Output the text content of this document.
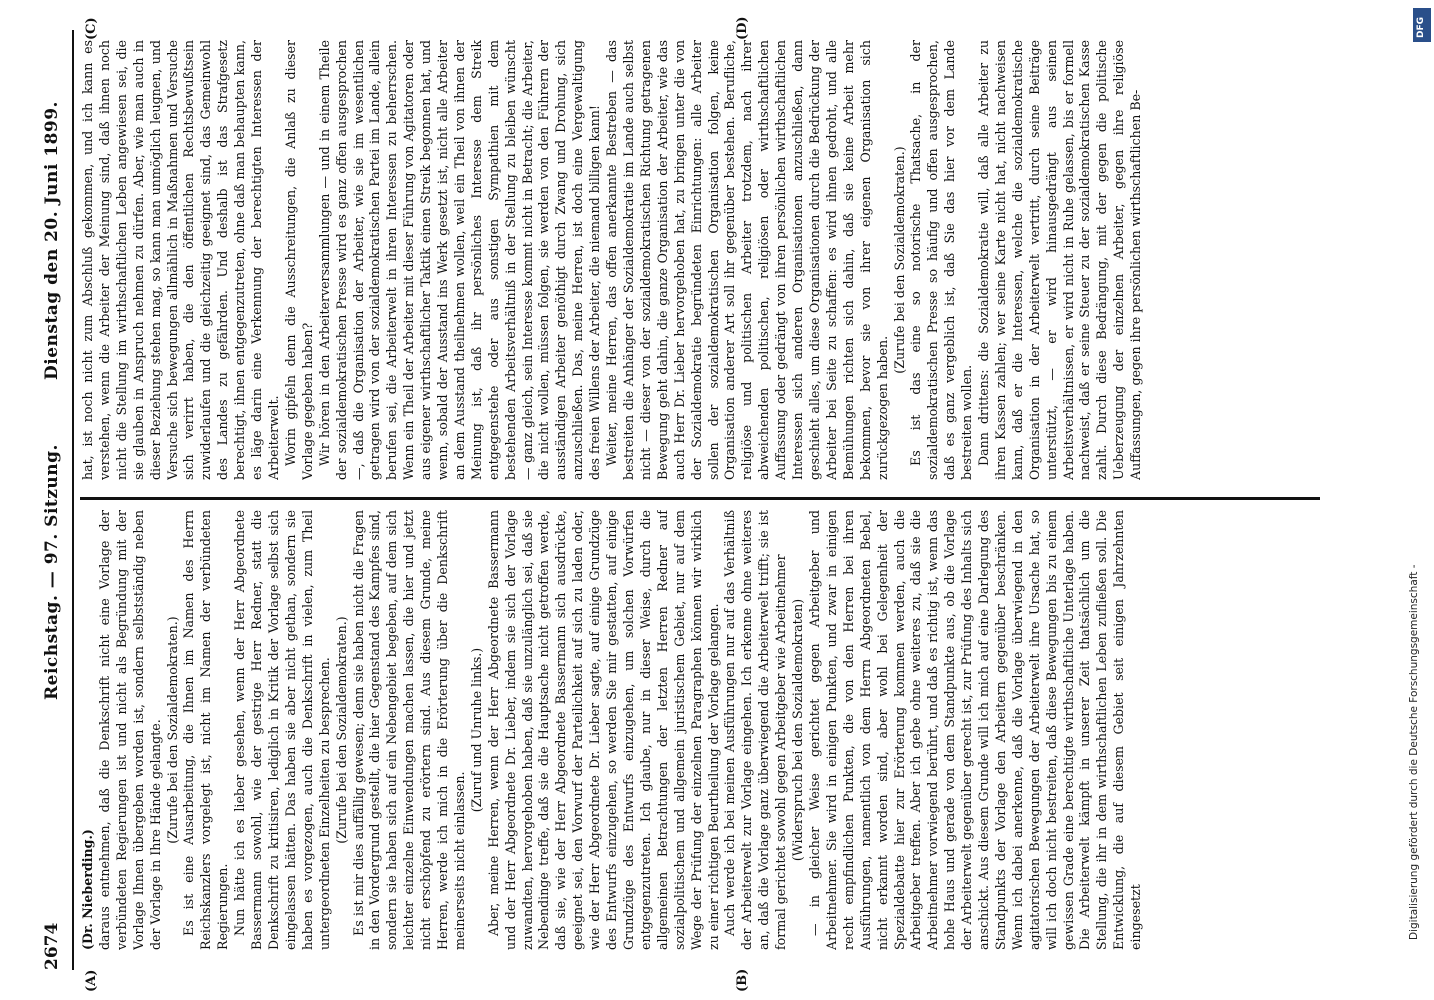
2674
Reichstag. — 97. Sitzung.
Dienstag den 20. Juni 1899.
(A)	(B)
(C)	(D)

(Dr. Nieberding.) daraus entnehmen, daß die Denkschrift nicht eine Vorlage der verbündeten Regierungen ist und nicht als Begründung mit der Vorlage Ihnen übergeben worden ist, sondern selbstständig neben der Vorlage in Ihre Hände gelangte. (Zurufe bei den Sozialdemokraten.) Es ist eine Ausarbeitung, die Ihnen im Namen des Herrn Reichskanzlers vorgelegt ist, nicht im Namen der verbündeten Regierungen. Nun hätte ich es lieber gesehen, wenn der Herr Abgeordnete Bassermann sowohl, wie der gestrige Herr Redner, statt die Denkschrift zu kritisiren, lediglich in Kritik der Vorlage selbst sich eingelassen hätten. Das haben sie aber nicht gethan, sondern sie haben es vorgezogen, auch die Denkschrift in vielen, zum Theil untergeordneten Einzelheiten zu besprechen. (Zurufe bei den Sozialdemokraten.) Es ist mir dies auffällig gewesen; denn sie haben nicht die Fragen in den Vordergrund gestellt, die hier Gegenstand des Kampfes sind, sondern sie haben sich auf ein Nebengebiet begeben, auf dem sich leichter einzelne Einwendungen machen lassen, die hier und jetzt nicht erschöpfend zu erörtern sind. Aus diesem Grunde, meine Herren, werde ich mich in die Erörterung über die Denkschrift meinerseits nicht einlassen.

(Zuruf und Unruhe links.) Aber, meine Herren, wenn der Herr Abgeordnete Bassermann und der Herr Abgeordnete Dr. Lieber, indem sie sich der Vorlage zuwandten, hervorgehoben haben, daß sie unzulänglich sei, daß sie Nebendinge treffe, daß sie die Hauptsache nicht getroffen werde, daß sie, wie der Herr Abgeordnete Bassermann sich ausdrückte, geeignet sei, den Vorwurf der Parteilichkeit auf sich zu laden oder, wie der Herr Abgeordnete Dr. Lieber sagte, auf einige Grundzüge des Entwurfs einzugehen, so werden Sie mir gestatten, auf einige Grundzüge des Entwurfs einzugehen, um solchen Vorwürfen entgegenzutreten. Ich glaube, nur in dieser Weise, durch die allgemeinen Betrachtungen der letzten Herren Redner auf sozialpolitischem und allgemein juristischem Gebiet, nur auf dem Wege der Prüfung der einzelnen Paragraphen können wir wirklich zu einer richtigen Beurtheilung der Vorlage gelangen. Auch werde ich bei meinen Ausführungen nur auf das Verhältniß der Arbeiterwelt zur Vorlage eingehen. Ich erkenne ohne weiteres an, daß die Vorlage ganz überwiegend die Arbeiterwelt trifft; sie ist formal gerichtet sowohl gegen Arbeitgeber wie Arbeitnehmer (Widerspruch bei den Sozialdemokraten) — in gleicher Weise gerichtet gegen Arbeitgeber und Arbeitnehmer. Sie wird in einigen Punkten, und zwar in einigen recht empfindlichen Punkten, die von den Herren bei ihren Ausführungen, namentlich von dem Herrn Abgeordneten Bebel, nicht erkannt worden sind, aber wohl bei Gelegenheit der Spezialdebatte hier zur Erörterung kommen werden, auch die Arbeitgeber treffen. Aber ich gebe ohne weiteres zu, daß sie die Arbeitnehmer vorwiegend berührt, und daß es richtig ist, wenn das hohe Haus und gerade von dem Standpunkte aus, ob die Vorlage der Arbeiterwelt gegenüber gerecht ist, zur Prüfung des Inhalts sich anschickt. Aus diesem Grunde will ich mich auf eine Darlegung des Standpunkts der Vorlage den Arbeitern gegenüber beschränken. Wenn ich dabei anerkenne, daß die Vorlage überwiegend in den agitatorischen Bewegungen der Arbeiterwelt ihre Ursache hat, so will ich doch nicht bestreiten, daß diese Bewegungen bis zu einem gewissen Grade eine berechtigte wirthschaftliche Unterlage haben. Die Arbeiterwelt kämpft in unserer Zeit thatsächlich um die Stellung, die ihr in dem wirthschaftlichen Leben zufließen soll. Die Entwicklung, die auf diesem Gebiet seit einigen Jahrzehnten eingesetzt

hat, ist noch nicht zum Abschluß gekommen, und ich kann es verstehen, wenn die Arbeiter der Meinung sind, daß ihnen noch nicht die Stellung im wirthschaftlichen Leben angewiesen sei, die sie glauben in Anspruch nehmen zu dürfen. Aber, wie man auch in dieser Beziehung stehen mag, so kann man unmöglich leugnen, und Versuche sich bewegungen allmählich in Maßnahmen und Versuche sich verirrt haben, die den öffentlichen Rechtsbewußtsein zuwiderlaufen und die gleichzeitig geeignet sind, das Gemeinwohl des Landes zu gefährden. Und deshalb ist das Strafgesetz berechtigt, ihnen entgegenzutreten, ohne daß man behaupten kann, es läge darin eine Verkennung der berechtigten Interessen der Arbeiterwelt. Worin gipfeln denn die Ausschreitungen, die Anlaß zu dieser Vorlage gegeben haben? Wir hören in den Arbeiterversammlungen — und in einem Theile der sozialdemokratischen Presse wird es ganz offen ausgesprochen —, daß die Organisation der Arbeiter, wie sie im wesentlichen getragen wird von der sozialdemokratischen Partei im Lande, allein berufen sei, die Arbeiterwelt in ihren Interessen zu beherrschen. Wenn ein Theil der Arbeiter mit dieser Führung von Agitatoren oder aus eigener wirthschaftlicher Taktik einen Streik begonnen hat, und wenn, sobald der Ausstand ins Werk gesetzt ist, nicht alle Arbeiter an dem Ausstand theilnehmen wollen, weil ein Theil von ihnen der Meinung ist, daß ihr persönliches Interesse dem Streik entgegenstehe oder aus sonstigen Sympathien mit dem bestehenden Arbeitsverhältniß in der Stellung zu bleiben wünscht — ganz gleich, sein Interesse kommt nicht in Betracht; die Arbeiter, die nicht wollen, müssen folgen, sie werden von den Führern der ausständigen Arbeiter genöthigt durch Zwang und Drohung, sich anzuschließen. Das, meine Herren, ist doch eine Vergewaltigung des freien Willens der Arbeiter, die niemand billigen kann! Weiter, meine Herren, das offen anerkannte Bestreben — das bestreiten die Anhänger der Sozialdemokratie im Lande auch selbst nicht — dieser von der sozialdemokratischen Richtung getragenen Bewegung geht dahin, die ganze Organisation der Arbeiter, wie das auch Herr Dr. Lieber hervorgehoben hat, zu bringen unter die von der Sozialdemokratie begründeten Einrichtungen: alle Arbeiter sollen der sozialdemokratischen Organisation folgen, keine Organisation anderer Art soll ihr gegenüber bestehen. Berufliche, religiöse und politischen Arbeiter trotzdem, nach ihrer abweichenden politischen, religiösen oder wirthschaftlichen Auffassung oder gedrängt von ihren persönlichen wirthschaftlichen Interessen sich anderen Organisationen anzuschließen, dann geschieht alles, um diese Organisationen durch die Bedrückung der Arbeiter bei Seite zu schaffen: es wird ihnen gedroht, und alle Bemühungen richten sich dahin, daß sie keine Arbeit mehr bekommen, bevor sie von ihrer eigenen Organisation sich zurückgezogen haben.

(Zurufe bei den Sozialdemokraten.) Es ist das eine so notorische Thatsache, in der sozialdemokratischen Presse so häufig und offen ausgesprochen, daß es ganz vergeblich ist, daß Sie das hier vor dem Lande bestreiten wollen. Dann drittens: die Sozialdemokratie will, daß alle Arbeiter zu ihren Kassen zahlen; wer seine Karte nicht hat, nicht nachweisen kann, daß er die Interessen, welche die sozialdemokratische Organisation in der Arbeiterwelt vertritt, durch seine Beiträge unterstützt, — er wird hinausgedrängt aus seinen Arbeitsverhältnissen, er wird nicht in Ruhe gelassen, bis er formell nachweist, daß er seine Steuer zu der sozialdemokratischen Kasse zahlt. Durch diese Bedrängung, mit der gegen die politische Ueberzeugung der einzelnen Arbeiter, gegen ihre religiöse Auffassungen, gegen ihre persönlichen wirthschaftlichen Be-

DFG
Digitalisierung gefördert durch die Deutsche Forschungsgemeinschaft -
